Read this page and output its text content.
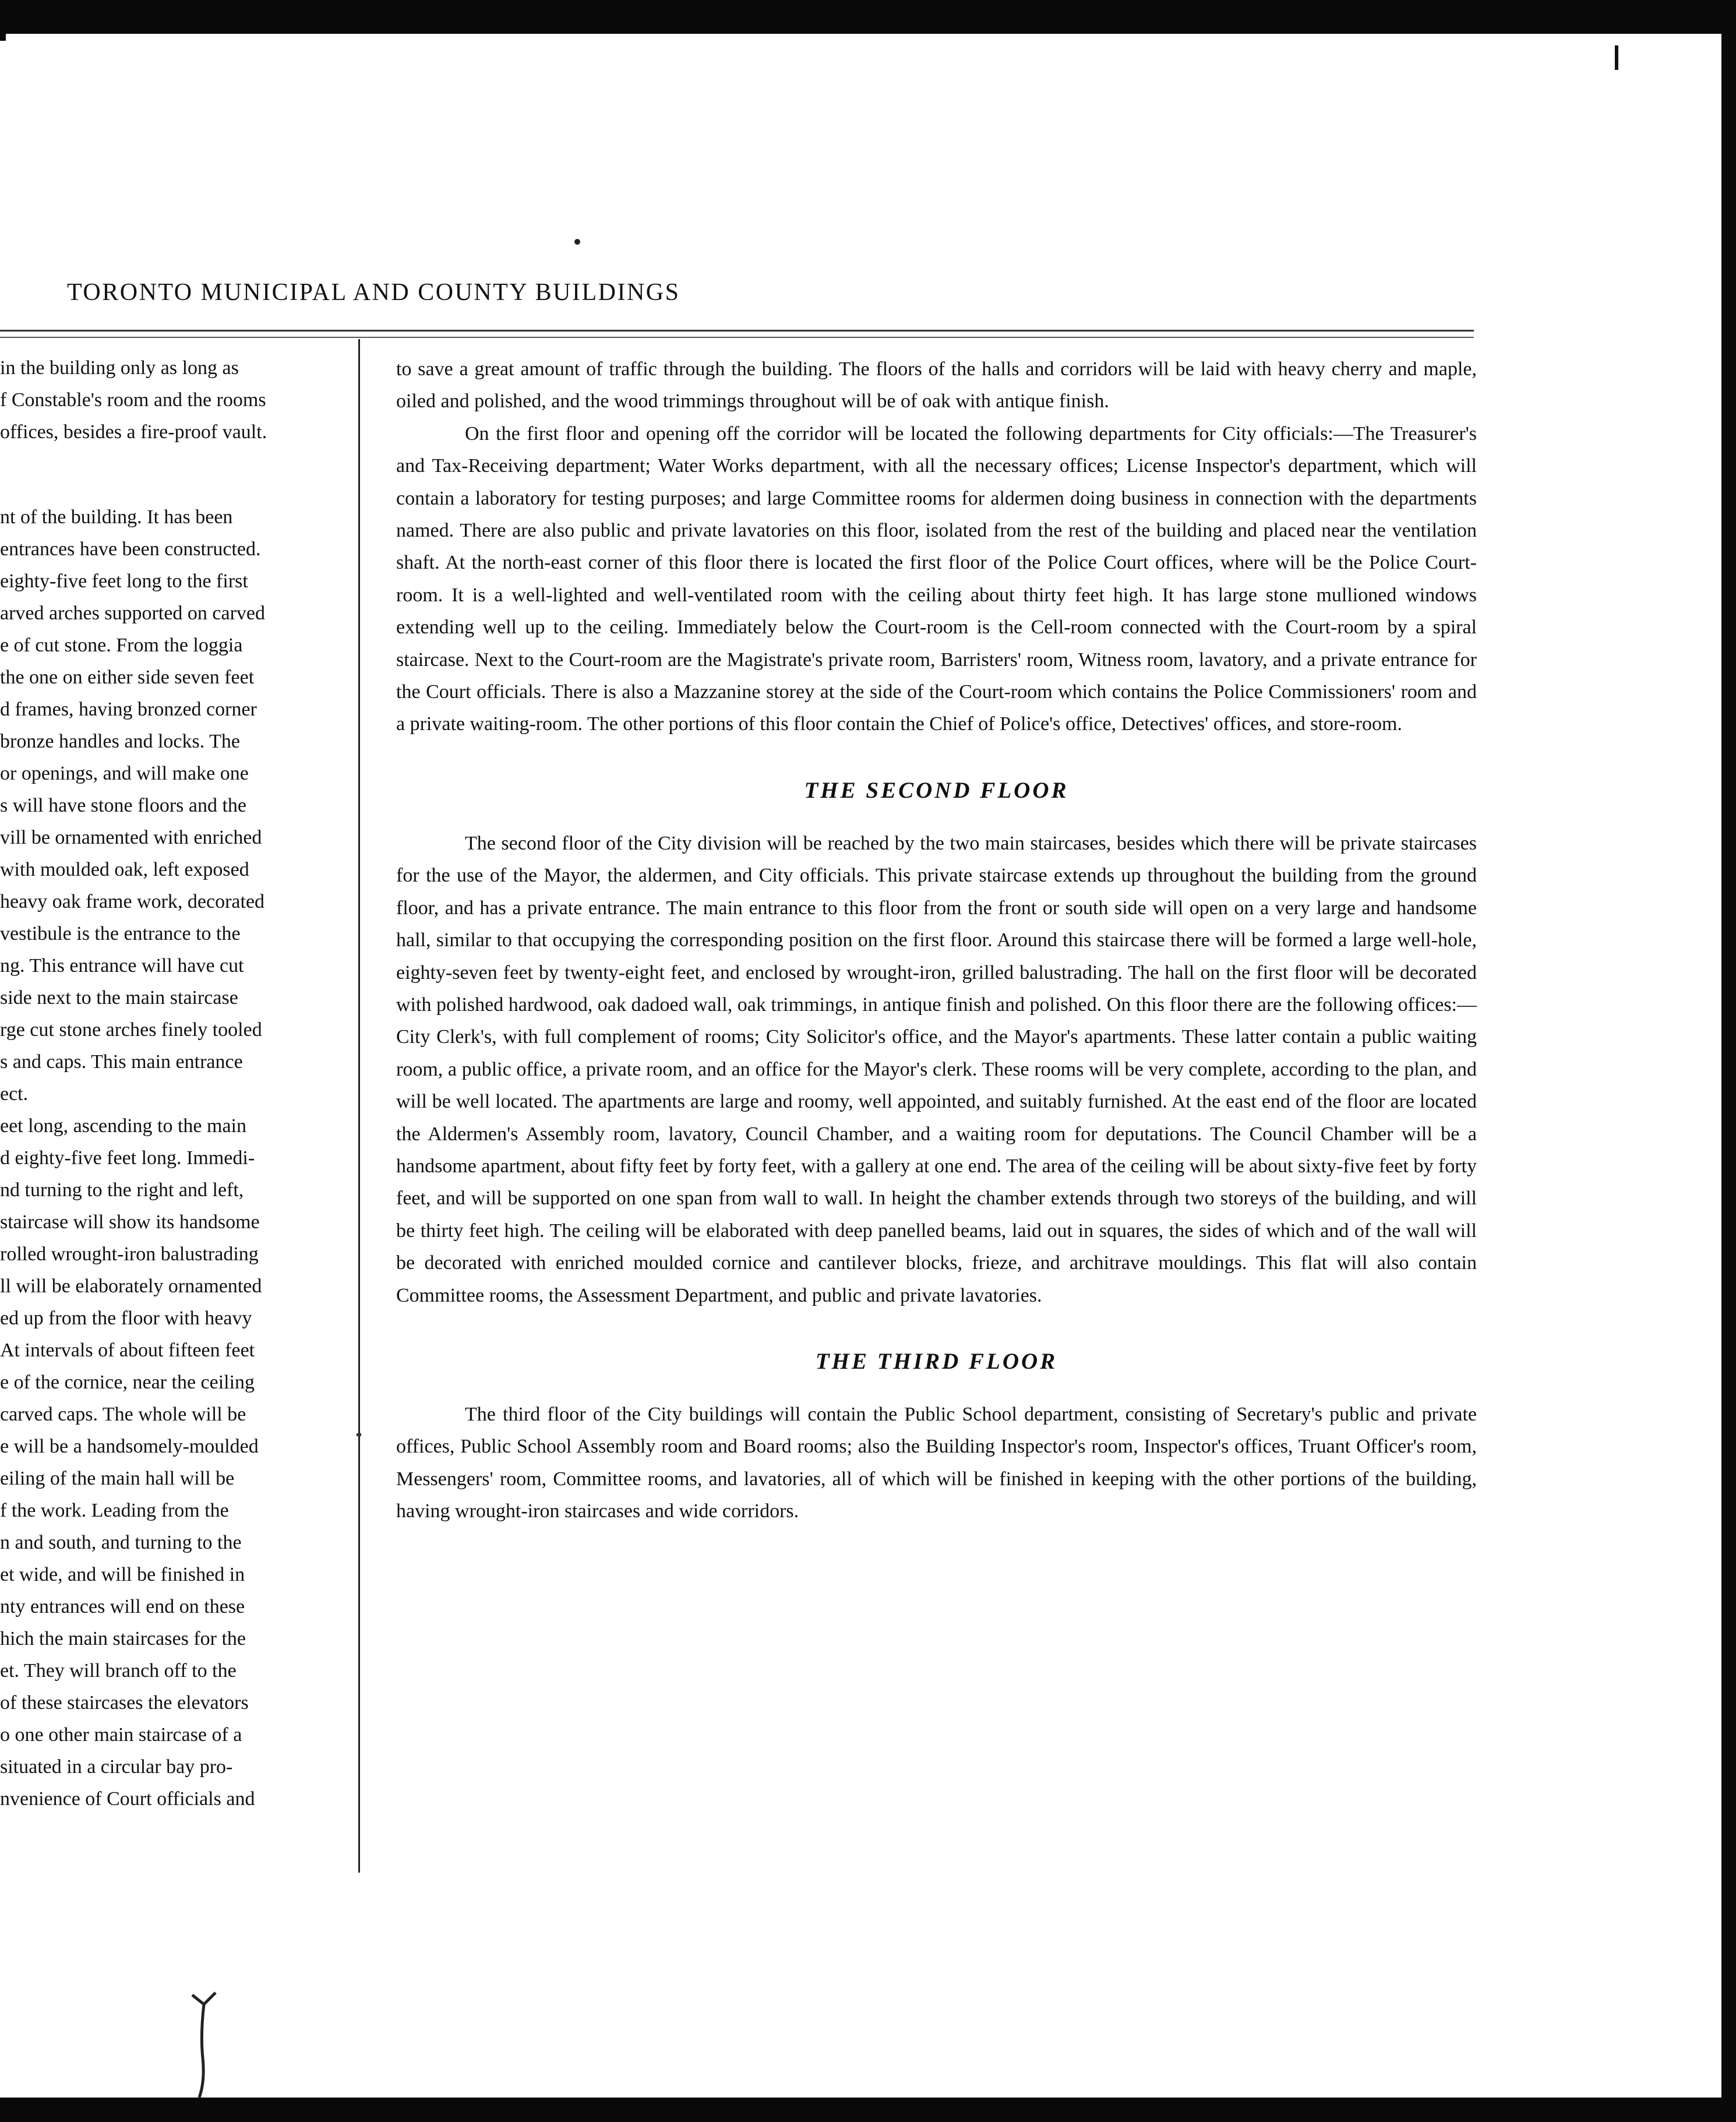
TORONTO MUNICIPAL AND COUNTY BUILDINGS
in the building only as long as
f Constable's room and the rooms
offices, besides a fire-proof vault.
nt of the building. It has been
entrances have been constructed.
eighty-five feet long to the first
arved arches supported on carved
e of cut stone. From the loggia
the one on either side seven feet
d frames, having bronzed corner
bronze handles and locks. The
or openings, and will make one
s will have stone floors and the
vill be ornamented with enriched
with moulded oak, left exposed
heavy oak frame work, decorated
vestibule is the entrance to the
ng. This entrance will have cut
side next to the main staircase
rge cut stone arches finely tooled
s and caps. This main entrance
ect.
eet long, ascending to the main
d eighty-five feet long. Immedi-
nd turning to the right and left,
staircase will show its handsome
rolled wrought-iron balustrading
ll will be elaborately ornamented
ed up from the floor with heavy
At intervals of about fifteen feet
e of the cornice, near the ceiling
carved caps. The whole will be
e will be a handsomely-moulded
eiling of the main hall will be
f the work. Leading from the
n and south, and turning to the
et wide, and will be finished in
nty entrances will end on these
hich the main staircases for the
et. They will branch off to the
of these staircases the elevators
o one other main staircase of a
situated in a circular bay pro-
nvenience of Court officials and

to save a great amount of traffic through the building. The floors of the halls and corridors will be laid with heavy cherry and maple, oiled and polished, and the wood trimmings throughout will be of oak with antique finish.

On the first floor and opening off the corridor will be located the following departments for City officials:—The Treasurer's and Tax-Receiving department; Water Works department, with all the necessary offices; License Inspector's department, which will contain a laboratory for testing purposes; and large Committee rooms for aldermen doing business in connection with the departments named. There are also public and private lavatories on this floor, isolated from the rest of the building and placed near the ventilation shaft. At the north-east corner of this floor there is located the first floor of the Police Court offices, where will be the Police Court-room. It is a well-lighted and well-ventilated room with the ceiling about thirty feet high. It has large stone mullioned windows extending well up to the ceiling. Immediately below the Court-room is the Cell-room connected with the Court-room by a spiral staircase. Next to the Court-room are the Magistrate's private room, Barristers' room, Witness room, lavatory, and a private entrance for the Court officials. There is also a Mazzanine storey at the side of the Court-room which contains the Police Commissioners' room and a private waiting-room. The other portions of this floor contain the Chief of Police's office, Detectives' offices, and store-room.

THE SECOND FLOOR

The second floor of the City division will be reached by the two main staircases, besides which there will be private staircases for the use of the Mayor, the aldermen, and City officials. This private staircase extends up throughout the building from the ground floor, and has a private entrance. The main entrance to this floor from the front or south side will open on a very large and handsome hall, similar to that occupying the corresponding position on the first floor. Around this staircase there will be formed a large well-hole, eighty-seven feet by twenty-eight feet, and enclosed by wrought-iron, grilled balustrading. The hall on the first floor will be decorated with polished hardwood, oak dadoed wall, oak trimmings, in antique finish and polished. On this floor there are the following offices:—City Clerk's, with full complement of rooms; City Solicitor's office, and the Mayor's apartments. These latter contain a public waiting room, a public office, a private room, and an office for the Mayor's clerk. These rooms will be very complete, according to the plan, and will be well located. The apartments are large and roomy, well appointed, and suitably furnished. At the east end of the floor are located the Aldermen's Assembly room, lavatory, Council Chamber, and a waiting room for deputations. The Council Chamber will be a handsome apartment, about fifty feet by forty feet, with a gallery at one end. The area of the ceiling will be about sixty-five feet by forty feet, and will be supported on one span from wall to wall. In height the chamber extends through two storeys of the building, and will be thirty feet high. The ceiling will be elaborated with deep panelled beams, laid out in squares, the sides of which and of the wall will be decorated with enriched moulded cornice and cantilever blocks, frieze, and architrave mouldings. This flat will also contain Committee rooms, the Assessment Department, and public and private lavatories.

THE THIRD FLOOR

The third floor of the City buildings will contain the Public School department, consisting of Secretary's public and private offices, Public School Assembly room and Board rooms; also the Building Inspector's room, Inspector's offices, Truant Officer's room, Messengers' room, Committee rooms, and lavatories, all of which will be finished in keeping with the other portions of the building, having wrought-iron staircases and wide corridors.
